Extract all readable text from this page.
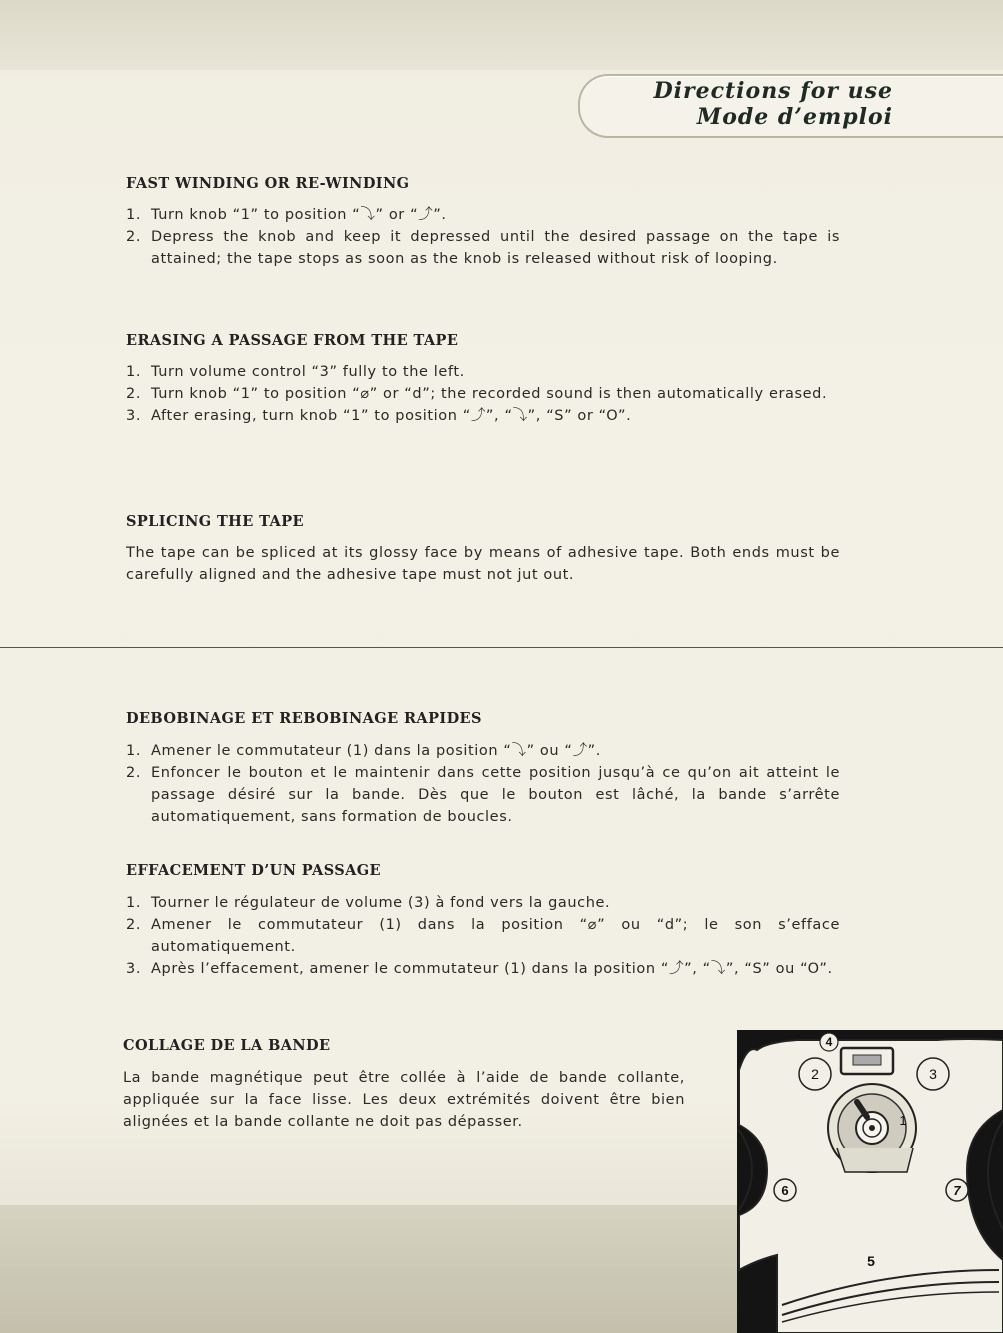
Directions for use
Mode d’emploi
FAST WINDING OR RE-WINDING
1. Turn knob “1” to position “⤵” or “⤴”.
2. Depress the knob and keep it depressed until the desired passage on the tape is attained; the tape stops as soon as the knob is released without risk of looping.
ERASING A PASSAGE FROM THE TAPE
1. Turn volume control “3” fully to the left.
2. Turn knob “1” to position “⌀” or “d”; the recorded sound is then automatically erased.
3. After erasing, turn knob “1” to position “⤴”, “⤵”, “S” or “O”.
SPLICING THE TAPE

The tape can be spliced at its glossy face by means of adhesive tape. Both ends must be carefully aligned and the adhesive tape must not jut out.

DEBOBINAGE ET REBOBINAGE RAPIDES
1. Amener le commutateur (1) dans la position “⤵” ou “⤴”.
2. Enfoncer le bouton et le maintenir dans cette position jusqu’à ce qu’on ait atteint le passage désiré sur la bande. Dès que le bouton est lâché, la bande s’arrête automatiquement, sans formation de boucles.
EFFACEMENT D’UN PASSAGE
1. Tourner le régulateur de volume (3) à fond vers la gauche.
2. Amener le commutateur (1) dans la position “⌀” ou “d”; le son s’efface automatiquement.
3. Après l’effacement, amener le commutateur (1) dans la position “⤴”, “⤵”, “S” ou “O”.
COLLAGE DE LA BANDE

La bande magnétique peut être collée à l’aide de bande collante, appliquée sur la face lisse. Les deux extrémités doivent être bien alignées et la bande collante ne doit pas dépasser.

4
2	3
1
6	7
5
